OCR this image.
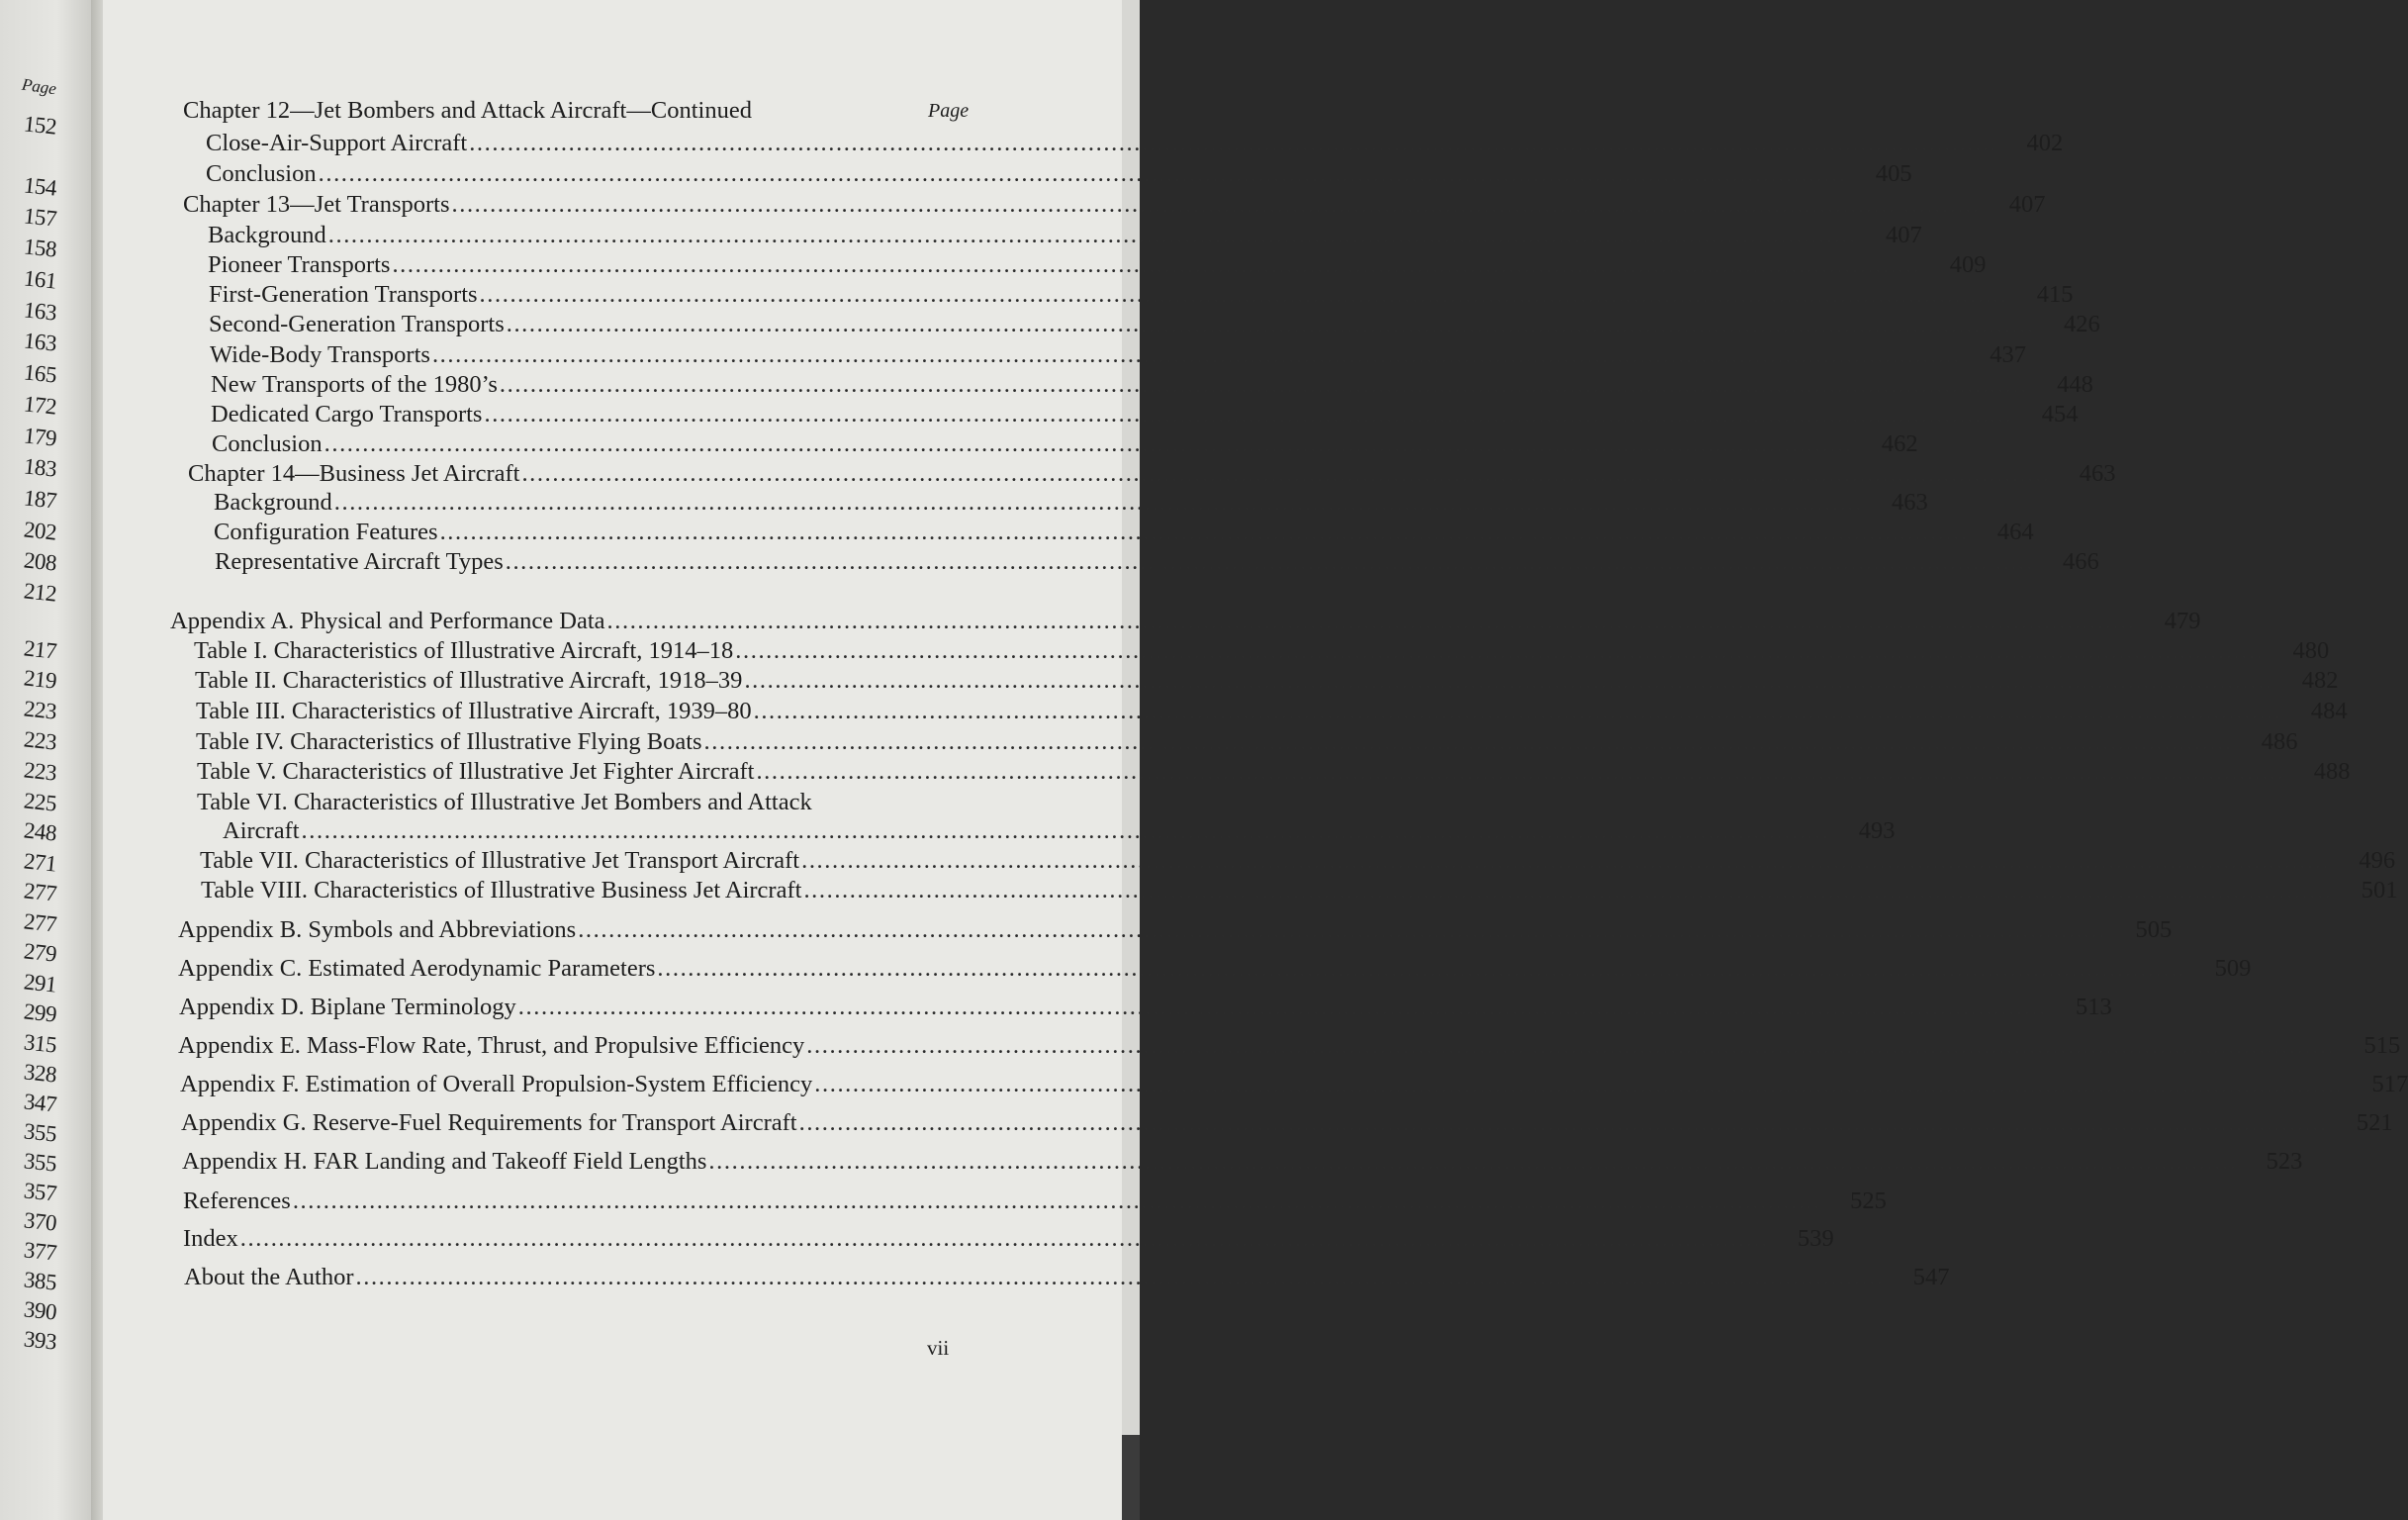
Page
152
154
157
158
161
163
163
165
172
179
183
187
202
208
212
217
219
223
223
223
225
248
271
277
277
279
291
299
315
328
347
355
355
357
370
377
385
390
393
Page
Chapter 12—Jet Bombers and Attack Aircraft—Continued
Close-Air-Support Aircraft ........................................................................................................................................................................................................	402
Conclusion ........................................................................................................................................................................................................	405
Chapter 13—Jet Transports ........................................................................................................................................................................................................	407
Background ........................................................................................................................................................................................................	407
Pioneer Transports ........................................................................................................................................................................................................	409
First-Generation Transports ........................................................................................................................................................................................................	415
Second-Generation Transports ........................................................................................................................................................................................................	426
Wide-Body Transports ........................................................................................................................................................................................................	437
New Transports of the 1980’s ........................................................................................................................................................................................................	448
Dedicated Cargo Transports ........................................................................................................................................................................................................	454
Conclusion ........................................................................................................................................................................................................	462
Chapter 14—Business Jet Aircraft ........................................................................................................................................................................................................	463
Background ........................................................................................................................................................................................................	463
Configuration Features ........................................................................................................................................................................................................	464
Representative Aircraft Types ........................................................................................................................................................................................................	466
Appendix A. Physical and Performance Data ........................................................................................................................................................................................................	479
Table I. Characteristics of Illustrative Aircraft, 1914–18 ........................................................................................................................................................................................................	480
Table II. Characteristics of Illustrative Aircraft, 1918–39 ........................................................................................................................................................................................................	482
Table III. Characteristics of Illustrative Aircraft, 1939–80 ........................................................................................................................................................................................................	484
Table IV. Characteristics of Illustrative Flying Boats ........................................................................................................................................................................................................	486
Table V. Characteristics of Illustrative Jet Fighter Aircraft ........................................................................................................................................................................................................	488
Table VI. Characteristics of Illustrative Jet Bombers and Attack
Aircraft ........................................................................................................................................................................................................	493
Table VII. Characteristics of Illustrative Jet Transport Aircraft ........................................................................................................................................................................................................	496
Table VIII. Characteristics of Illustrative Business Jet Aircraft ........................................................................................................................................................................................................	501
Appendix B. Symbols and Abbreviations ........................................................................................................................................................................................................	505
Appendix C. Estimated Aerodynamic Parameters ........................................................................................................................................................................................................	509
Appendix D. Biplane Terminology ........................................................................................................................................................................................................	513
Appendix E. Mass-Flow Rate, Thrust, and Propulsive Efficiency ........................................................................................................................................................................................................	515
Appendix F. Estimation of Overall Propulsion-System Efficiency ........................................................................................................................................................................................................	517
Appendix G. Reserve-Fuel Requirements for Transport Aircraft ........................................................................................................................................................................................................	521
Appendix H. FAR Landing and Takeoff Field Lengths ........................................................................................................................................................................................................	523
References ........................................................................................................................................................................................................	525
Index ........................................................................................................................................................................................................	539
About the Author ........................................................................................................................................................................................................	547
vii
